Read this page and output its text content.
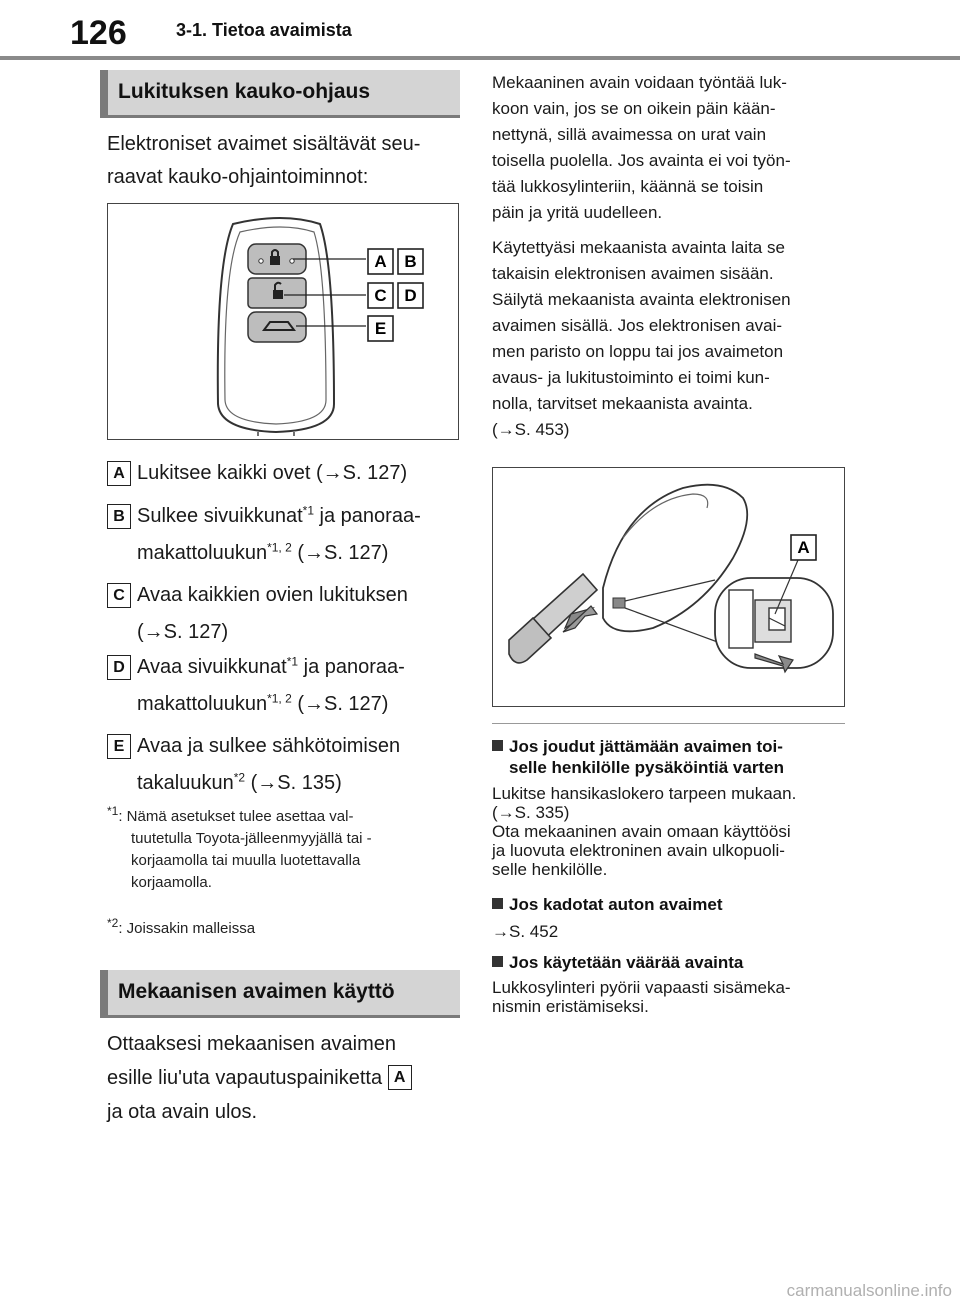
126	3-1. Tietoa avaimista
Lukituksen kauko-ohjaus
Elektroniset avaimet sisältävät seu-
raavat kauko-ohjaintoiminnot:
A B
C D
E
A Lukitsee kaikki ovet (→S. 127)
B Sulkee sivuikkunat$^{*1}$ ja panoraa-
makattoluukun$^{*1, 2}$ (→S. 127)
C Avaa kaikkien ovien lukituksen
(→S. 127)
D Avaa sivuikkunat$^{*1}$ ja panoraa-
makattoluukun$^{*1, 2}$ (→S. 127)
E Avaa ja sulkee sähkötoimisen
takaluukun$^{*2}$ (→S. 135)
$^{*1}$: Nämä asetukset tulee asettaa val-
tuutetulla Toyota-jälleenmyyjällä tai -
korjaamolla tai muulla luotettavalla
korjaamolla.
$^{*2}$: Joissakin malleissa
Mekaanisen avaimen käyttö
Ottaaksesi mekaanisen avaimen
esille liu'uta vapautuspainiketta A
ja ota avain ulos.
Mekaaninen avain voidaan työntää luk-
koon vain, jos se on oikein päin kään-
nettynä, sillä avaimessa on urat vain
toisella puolella. Jos avainta ei voi työn-
tää lukkosylinteriin, käännä se toisin
päin ja yritä uudelleen.
Käytettyäsi mekaanista avainta laita se
takaisin elektronisen avaimen sisään.
Säilytä mekaanista avainta elektronisen
avaimen sisällä. Jos elektronisen avai-
men paristo on loppu tai jos avaimeton
avaus- ja lukitustoiminto ei toimi kun-
nolla, tarvitset mekaanista avainta.
(→S. 453)
A
Jos joudut jättämään avaimen toi-
selle henkilölle pysäköintiä varten
Lukitse hansikaslokero tarpeen mukaan.
(→S. 335)
Ota mekaaninen avain omaan käyttöösi
ja luovuta elektroninen avain ulkopuoli-
selle henkilölle.
Jos kadotat auton avaimet
→S. 452
Jos käytetään väärää avainta
Lukkosylinteri pyörii vapaasti sisämeka-
nismin eristämiseksi.
carmanualsonline.info
